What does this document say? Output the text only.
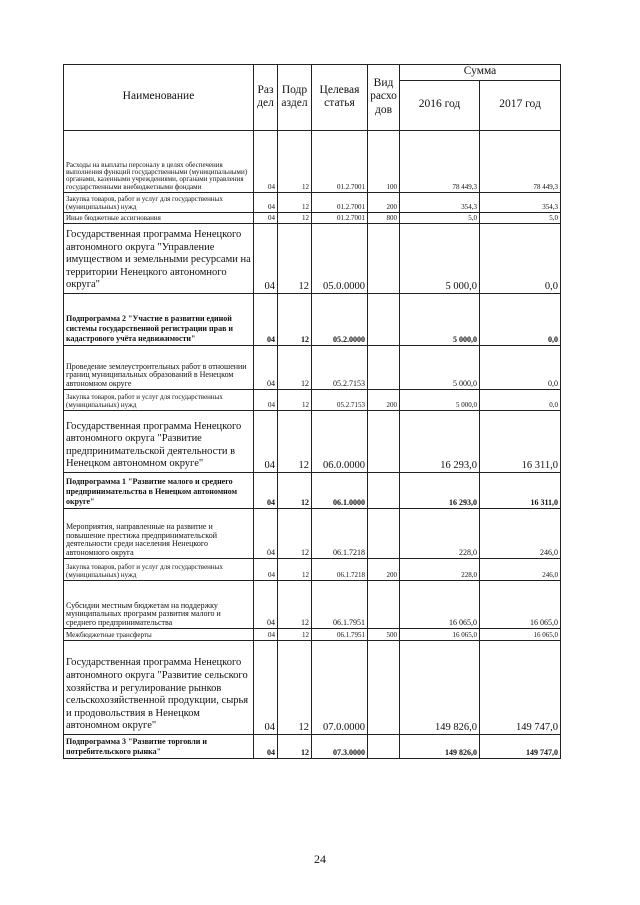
Наименование	Раз дел	Подр аздел	Целевая статья	Вид расхо дов	Сумма	
					2016 год	2017 год
Расходы на выплаты персоналу в целях обеспечения выполнения функций государственными (муниципальными) органами, казенными учреждениями, органами управления государственными внебюджетными фондами	04	12	01.2.7001	100	78 449,3	78 449,3
Закупка товаров, работ и услуг для государственных (муниципальных) нужд	04	12	01.2.7001	200	354,3	354,3
Иные бюджетные ассигнования	04	12	01.2.7001	800	5,0	5,0
Государственная программа Ненецкого автономного округа "Управление имуществом и земельными ресурсами на территории Ненецкого автономного округа"	04	12	05.0.0000		5 000,0	0,0
Подпрограмма 2 "Участие в развитии единой системы государственной регистрации прав и кадастрового учёта недвижимости"	04	12	05.2.0000		5 000,0	0,0
Проведение землеустроительных работ в отношении границ муниципальных образований в Ненецком автономном округе	04	12	05.2.7153		5 000,0	0,0
Закупка товаров, работ и услуг для государственных (муниципальных) нужд	04	12	05.2.7153	200	5 000,0	0,0
Государственная программа Ненецкого автономного округа "Развитие предпринимательской деятельности в Ненецком автономном округе"	04	12	06.0.0000		16 293,0	16 311,0
Подпрограмма 1 "Развитие малого и среднего предпринимательства в Ненецком автономном округе"	04	12	06.1.0000		16 293,0	16 311,0
Мероприятия, направленные на развитие и повышение престижа предпринимательской деятельности среди населения Ненецкого автономного округа	04	12	06.1.7218		228,0	246,0
Закупка товаров, работ и услуг для государственных (муниципальных) нужд	04	12	06.1.7218	200	228,0	246,0
Субсидии местным бюджетам на поддержку муниципальных программ развития малого и среднего предпринимательства	04	12	06.1.7951		16 065,0	16 065,0
Межбюджетные трансферты	04	12	06.1.7951	500	16 065,0	16 065,0
Государственная программа Ненецкого автономного округа "Развитие сельского хозяйства и регулирование рынков сельскохозяйственной продукции, сырья и продовольствия в Ненецком автономном округе"	04	12	07.0.0000		149 826,0	149 747,0
Подпрограмма 3 "Развитие торговли и потребительского рынка"	04	12	07.3.0000		149 826,0	149 747,0
24
